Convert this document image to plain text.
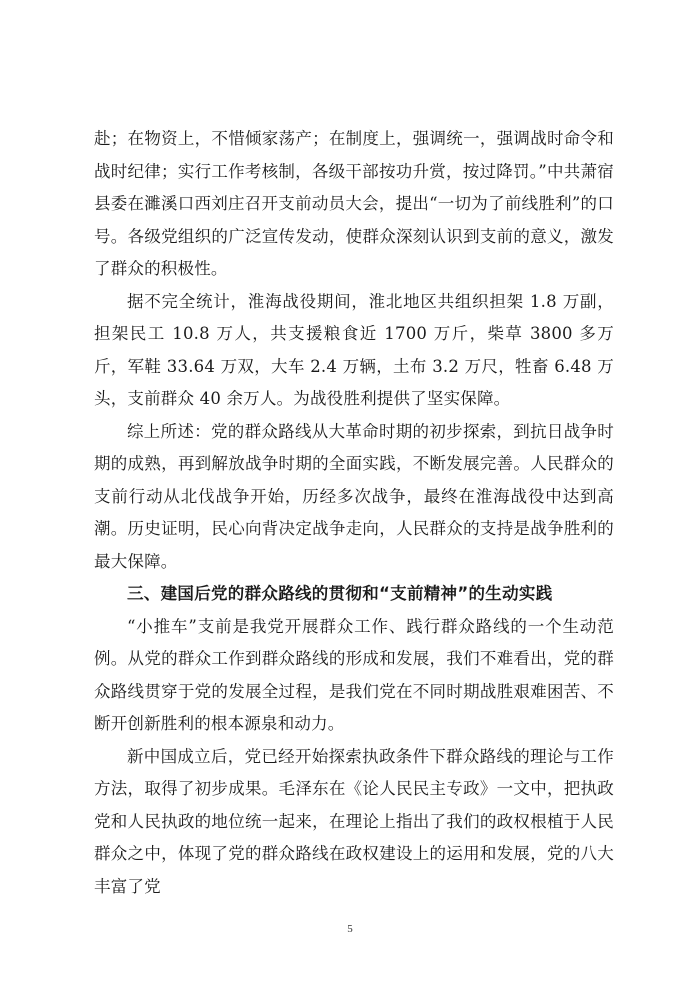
赴；在物资上，不惜倾家荡产；在制度上，强调统一，强调战时命令和战时纪律；实行工作考核制，各级干部按功升赏，按过降罚。”中共萧宿县委在濉溪口西刘庄召开支前动员大会，提出“一切为了前线胜利”的口号。各级党组织的广泛宣传发动，使群众深刻认识到支前的意义，激发了群众的积极性。

据不完全统计，淮海战役期间，淮北地区共组织担架 1.8 万副，担架民工 10.8 万人，共支援粮食近 1700 万斤，柴草 3800 多万斤，军鞋 33.64 万双，大车 2.4 万辆，土布 3.2 万尺，牲畜 6.48 万头，支前群众 40 余万人。为战役胜利提供了坚实保障。

综上所述：党的群众路线从大革命时期的初步探索，到抗日战争时期的成熟，再到解放战争时期的全面实践，不断发展完善。人民群众的支前行动从北伐战争开始，历经多次战争，最终在淮海战役中达到高潮。历史证明，民心向背决定战争走向，人民群众的支持是战争胜利的最大保障。

三、建国后党的群众路线的贯彻和“支前精神”的生动实践

“小推车”支前是我党开展群众工作、践行群众路线的一个生动范例。从党的群众工作到群众路线的形成和发展，我们不难看出，党的群众路线贯穿于党的发展全过程，是我们党在不同时期战胜艰难困苦、不断开创新胜利的根本源泉和动力。

新中国成立后，党已经开始探索执政条件下群众路线的理论与工作方法，取得了初步成果。毛泽东在《论人民民主专政》一文中，把执政党和人民执政的地位统一起来，在理论上指出了我们的政权根植于人民群众之中，体现了党的群众路线在政权建设上的运用和发展，党的八大丰富了党

5
